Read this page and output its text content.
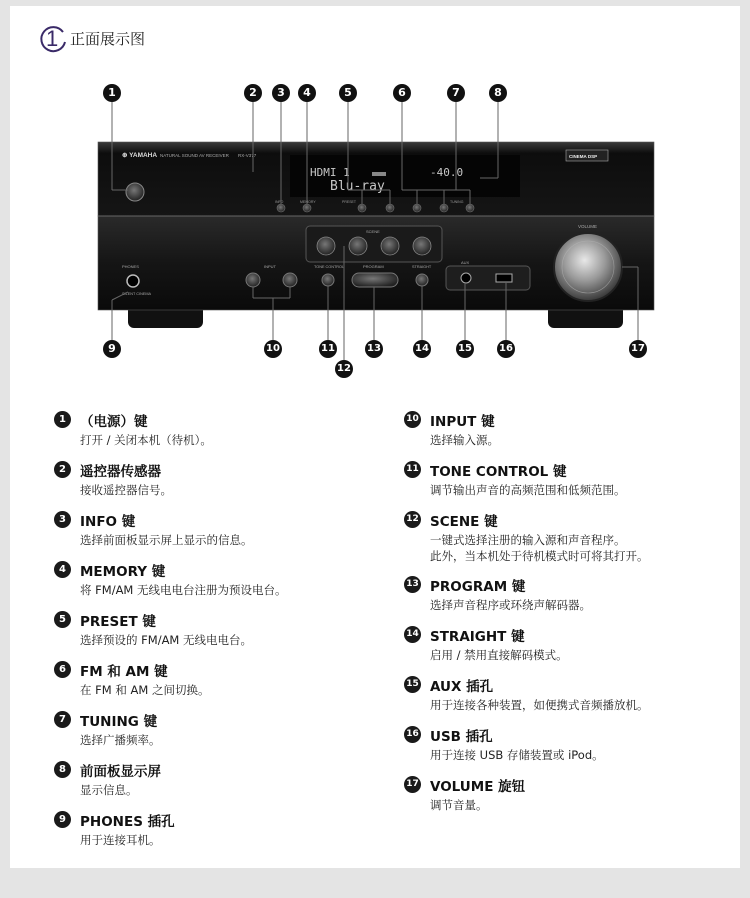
1 正面展示图
⊕ YAMAHA NATURAL SOUND AV RECEIVER RX-V377
HDMI 1
Blu-ray
-40.0
CINEMA DSP
INFO	MEMORY	PRESET	TUNING
SCENE
INPUT	TONE CONTROL	PROGRAM	STRAIGHT
AUX
PHONES
SILENT CINEMA
VOLUME
1	2	3	4	5	6	7	8
9	10	11
12
13	14	15	16	17
1	（电源）键
打开 / 关闭本机（待机）。
2	遥控器传感器
接收遥控器信号。
3	INFO 键
选择前面板显示屏上显示的信息。
4	MEMORY 键
将 FM/AM 无线电电台注册为预设电台。
5	PRESET 键
选择预设的 FM/AM 无线电电台。
6	FM 和 AM 键
在 FM 和 AM 之间切换。
7	TUNING 键
选择广播频率。
8	前面板显示屏
显示信息。
9	PHONES 插孔
用于连接耳机。
10 INPUT 键
选择输入源。
11 TONE CONTROL 键
调节输出声音的高频范围和低频范围。
12 SCENE 键
一键式选择注册的输入源和声音程序。
此外，当本机处于待机模式时可将其打开。
13 PROGRAM 键
选择声音程序或环绕声解码器。
14 STRAIGHT 键
启用 / 禁用直接解码模式。
15 AUX 插孔
用于连接各种装置，如便携式音频播放机。
16 USB 插孔
用于连接 USB 存储装置或 iPod。
17 VOLUME 旋钮
调节音量。
